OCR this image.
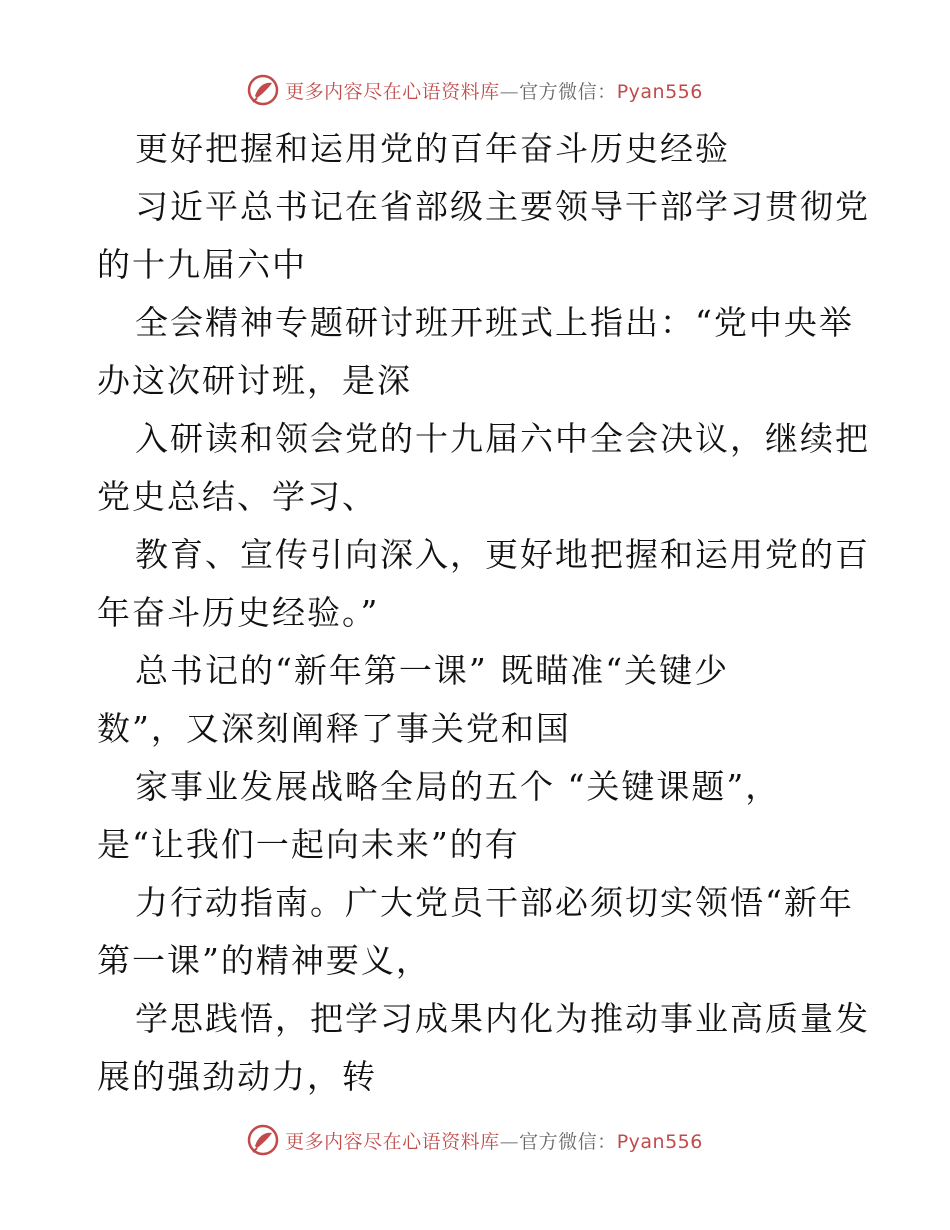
更多内容尽在心语资料库—官方微信：Pyan556
更好把握和运用党的百年奋斗历史经验
习近平总书记在省部级主要领导干部学习贯彻党
的十九届六中
全会精神专题研讨班开班式上指出：“党中央举
办这次研讨班，是深
入研读和领会党的十九届六中全会决议，继续把
党史总结、学习、
教育、宣传引向深入，更好地把握和运用党的百
年奋斗历史经验。”
总书记的“新年第一课” 既瞄准“关键少
数”，又深刻阐释了事关党和国
家事业发展战略全局的五个 “关键课题”，
是“让我们一起向未来”的有
力行动指南。广大党员干部必须切实领悟“新年
第一课”的精神要义，
学思践悟，把学习成果内化为推动事业高质量发
展的强劲动力，转
更多内容尽在心语资料库—官方微信：Pyan556
